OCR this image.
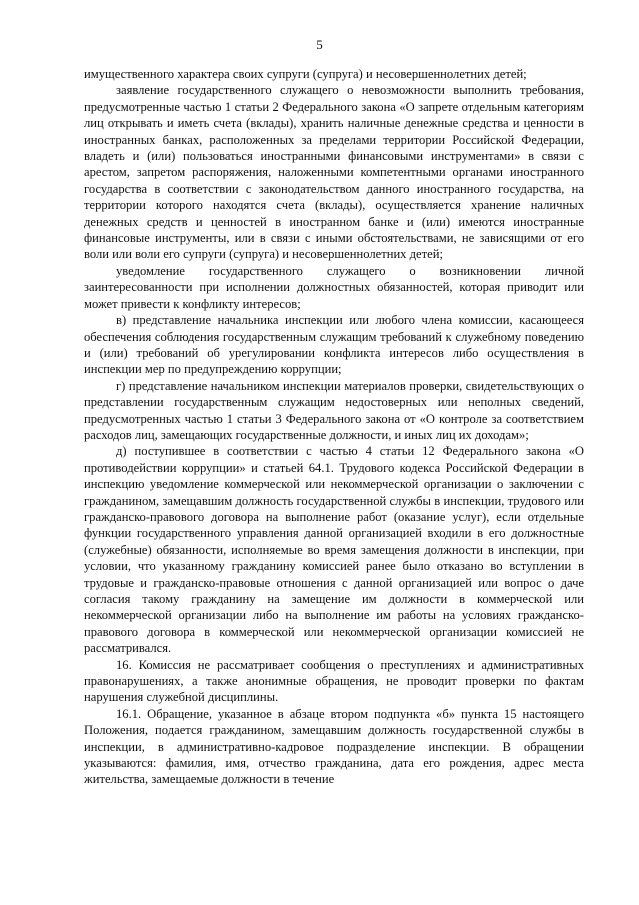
5

имущественного характера своих супруги (супруга) и несовершеннолетних детей;

заявление государственного служащего о невозможности выполнить требования, предусмотренные частью 1 статьи 2 Федерального закона «О запрете отдельным категориям лиц открывать и иметь счета (вклады), хранить наличные денежные средства и ценности в иностранных банках, расположенных за пределами территории Российской Федерации, владеть и (или) пользоваться иностранными финансовыми инструментами» в связи с арестом, запретом распоряжения, наложенными компетентными органами иностранного государства в соответствии с законодательством данного иностранного государства, на территории которого находятся счета (вклады), осуществляется хранение наличных денежных средств и ценностей в иностранном банке и (или) имеются иностранные финансовые инструменты, или в связи с иными обстоятельствами, не зависящими от его воли или воли его супруги (супруга) и несовершеннолетних детей;

уведомление государственного служащего о возникновении личной заинтересованности при исполнении должностных обязанностей, которая приводит или может привести к конфликту интересов;

в) представление начальника инспекции или любого члена комиссии, касающееся обеспечения соблюдения государственным служащим требований к служебному поведению и (или) требований об урегулировании конфликта интересов либо осуществления в инспекции мер по предупреждению коррупции;

г) представление начальником инспекции материалов проверки, свидетельствующих о представлении государственным служащим недостоверных или неполных сведений, предусмотренных частью 1 статьи 3 Федерального закона от «О контроле за соответствием расходов лиц, замещающих государственные должности, и иных лиц их доходам»;

д) поступившее в соответствии с частью 4 статьи 12 Федерального закона «О противодействии коррупции» и статьей 64.1. Трудового кодекса Российской Федерации в инспекцию уведомление коммерческой или некоммерческой организации о заключении с гражданином, замещавшим должность государственной службы в инспекции, трудового или гражданско-правового договора на выполнение работ (оказание услуг), если отдельные функции государственного управления данной организацией входили в его должностные (служебные) обязанности, исполняемые во время замещения должности в инспекции, при условии, что указанному гражданину комиссией ранее было отказано во вступлении в трудовые и гражданско-правовые отношения с данной организацией или вопрос о даче согласия такому гражданину на замещение им должности в коммерческой или некоммерческой организации либо на выполнение им работы на условиях гражданско-правового договора в коммерческой или некоммерческой организации комиссией не рассматривался.

16. Комиссия не рассматривает сообщения о преступлениях и административных правонарушениях, а также анонимные обращения, не проводит проверки по фактам нарушения служебной дисциплины.

16.1. Обращение, указанное в абзаце втором подпункта «б» пункта 15 настоящего Положения, подается гражданином, замещавшим должность государственной службы в инспекции, в административно-кадровое подразделение инспекции. В обращении указываются: фамилия, имя, отчество гражданина, дата его рождения, адрес места жительства, замещаемые должности в течение
